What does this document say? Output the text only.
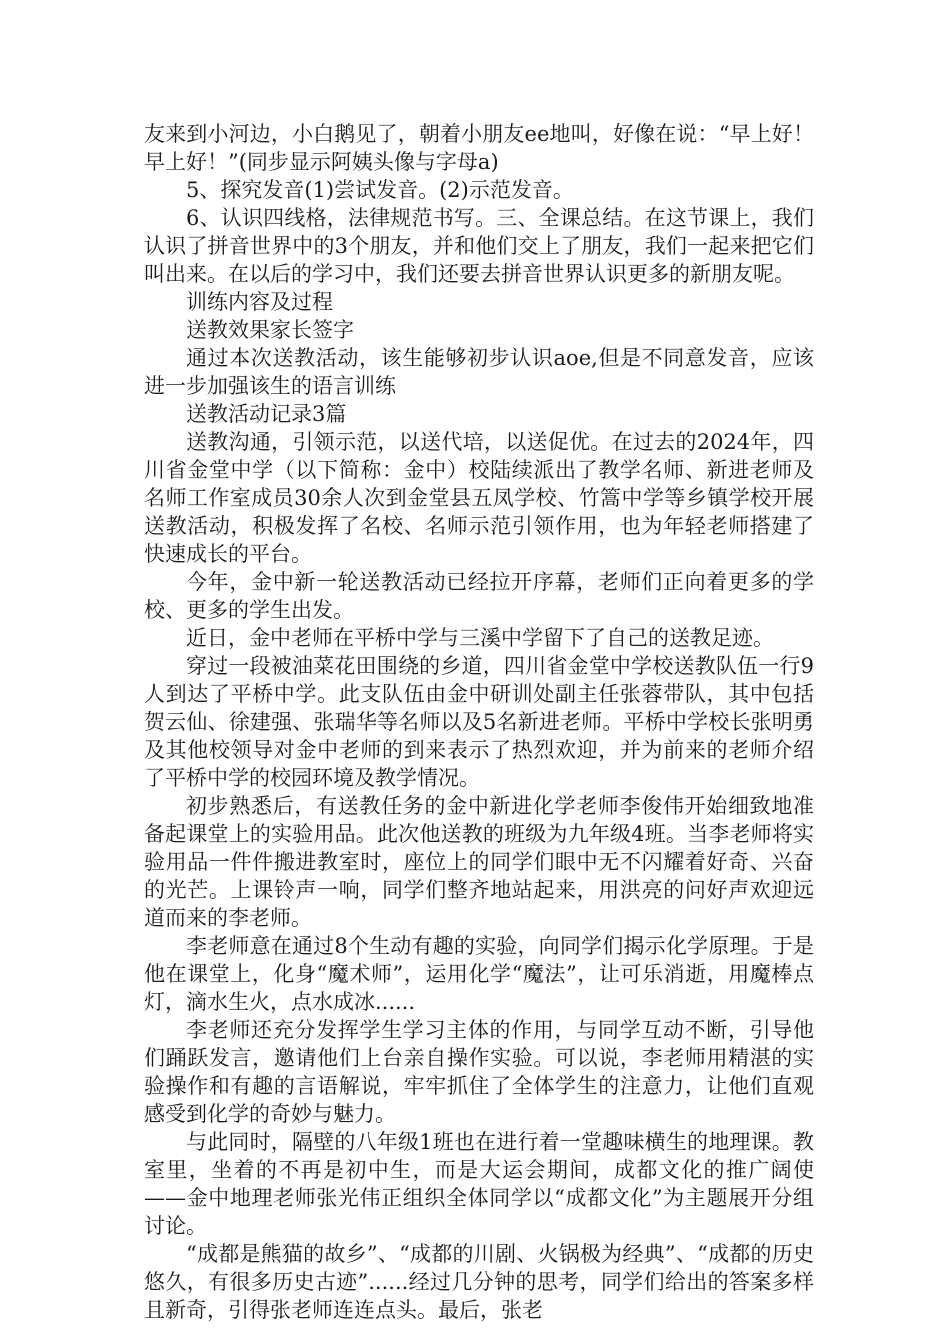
友来到小河边，小白鹅见了，朝着小朋友ee地叫，好像在说：“早上好！早上好！”(同步显示阿姨头像与字母a)

5、探究发音(1)尝试发音。(2)示范发音。

6、认识四线格，法律规范书写。三、全课总结。在这节课上，我们认识了拼音世界中的3个朋友，并和他们交上了朋友，我们一起来把它们叫出来。在以后的学习中，我们还要去拼音世界认识更多的新朋友呢。

训练内容及过程

送教效果家长签字

通过本次送教活动，该生能够初步认识aoe,但是不同意发音，应该进一步加强该生的语言训练

送教活动记录3篇

送教沟通，引领示范，以送代培，以送促优。在过去的2024年，四川省金堂中学（以下简称：金中）校陆续派出了教学名师、新进老师及名师工作室成员30余人次到金堂县五凤学校、竹篙中学等乡镇学校开展送教活动，积极发挥了名校、名师示范引领作用，也为年轻老师搭建了快速成长的平台。

今年，金中新一轮送教活动已经拉开序幕，老师们正向着更多的学校、更多的学生出发。

近日，金中老师在平桥中学与三溪中学留下了自己的送教足迹。

穿过一段被油菜花田围绕的乡道，四川省金堂中学校送教队伍一行9人到达了平桥中学。此支队伍由金中研训处副主任张蓉带队，其中包括贺云仙、徐建强、张瑞华等名师以及5名新进老师。平桥中学校长张明勇及其他校领导对金中老师的到来表示了热烈欢迎，并为前来的老师介绍了平桥中学的校园环境及教学情况。

初步熟悉后，有送教任务的金中新进化学老师李俊伟开始细致地准备起课堂上的实验用品。此次他送教的班级为九年级4班。当李老师将实验用品一件件搬进教室时，座位上的同学们眼中无不闪耀着好奇、兴奋的光芒。上课铃声一响，同学们整齐地站起来，用洪亮的问好声欢迎远道而来的李老师。

李老师意在通过8个生动有趣的实验，向同学们揭示化学原理。于是他在课堂上，化身“魔术师”，运用化学“魔法”，让可乐消逝，用魔棒点灯，滴水生火，点水成冰......

李老师还充分发挥学生学习主体的作用，与同学互动不断，引导他们踊跃发言，邀请他们上台亲自操作实验。可以说，李老师用精湛的实验操作和有趣的言语解说，牢牢抓住了全体学生的注意力，让他们直观感受到化学的奇妙与魅力。

与此同时，隔壁的八年级1班也在进行着一堂趣味横生的地理课。教室里，坐着的不再是初中生，而是大运会期间，成都文化的推广阔使——金中地理老师张光伟正组织全体同学以“成都文化”为主题展开分组讨论。

“成都是熊猫的故乡”、“成都的川剧、火锅极为经典”、“成都的历史悠久，有很多历史古迹”......经过几分钟的思考，同学们给出的答案多样且新奇，引得张老师连连点头。最后，张老
